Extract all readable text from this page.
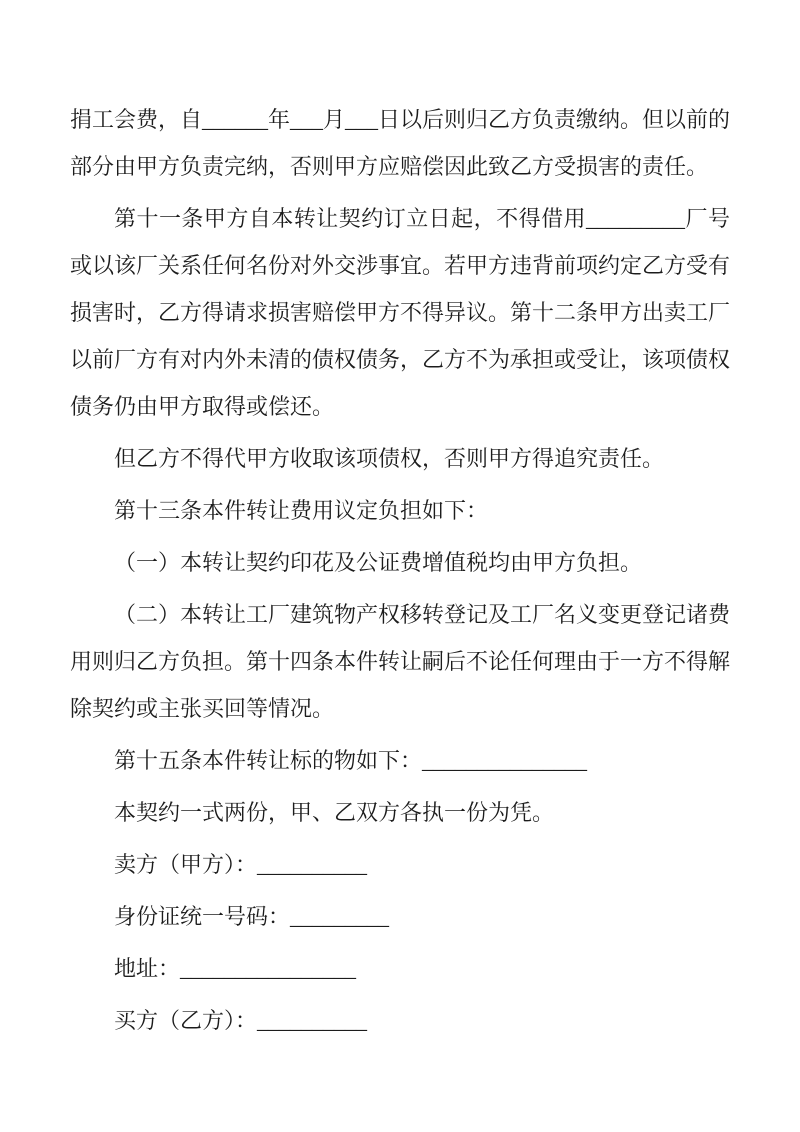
捐工会费，自______年___月___日以后则归乙方负责缴纳。但以前的部分由甲方负责完纳，否则甲方应赔偿因此致乙方受损害的责任。

第十一条甲方自本转让契约订立日起，不得借用_________厂号或以该厂关系任何名份对外交涉事宜。若甲方违背前项约定乙方受有损害时，乙方得请求损害赔偿甲方不得异议。第十二条甲方出卖工厂以前厂方有对内外未清的债权债务，乙方不为承担或受让，该项债权债务仍由甲方取得或偿还。

但乙方不得代甲方收取该项债权，否则甲方得追究责任。

第十三条本件转让费用议定负担如下：

（一）本转让契约印花及公证费增值税均由甲方负担。

（二）本转让工厂建筑物产权移转登记及工厂名义变更登记诸费用则归乙方负担。第十四条本件转让嗣后不论任何理由于一方不得解除契约或主张买回等情况。

第十五条本件转让标的物如下：_______________

本契约一式两份，甲、乙双方各执一份为凭。

卖方（甲方）：__________

身份证统一号码：_________

地址：________________

买方（乙方）：__________
